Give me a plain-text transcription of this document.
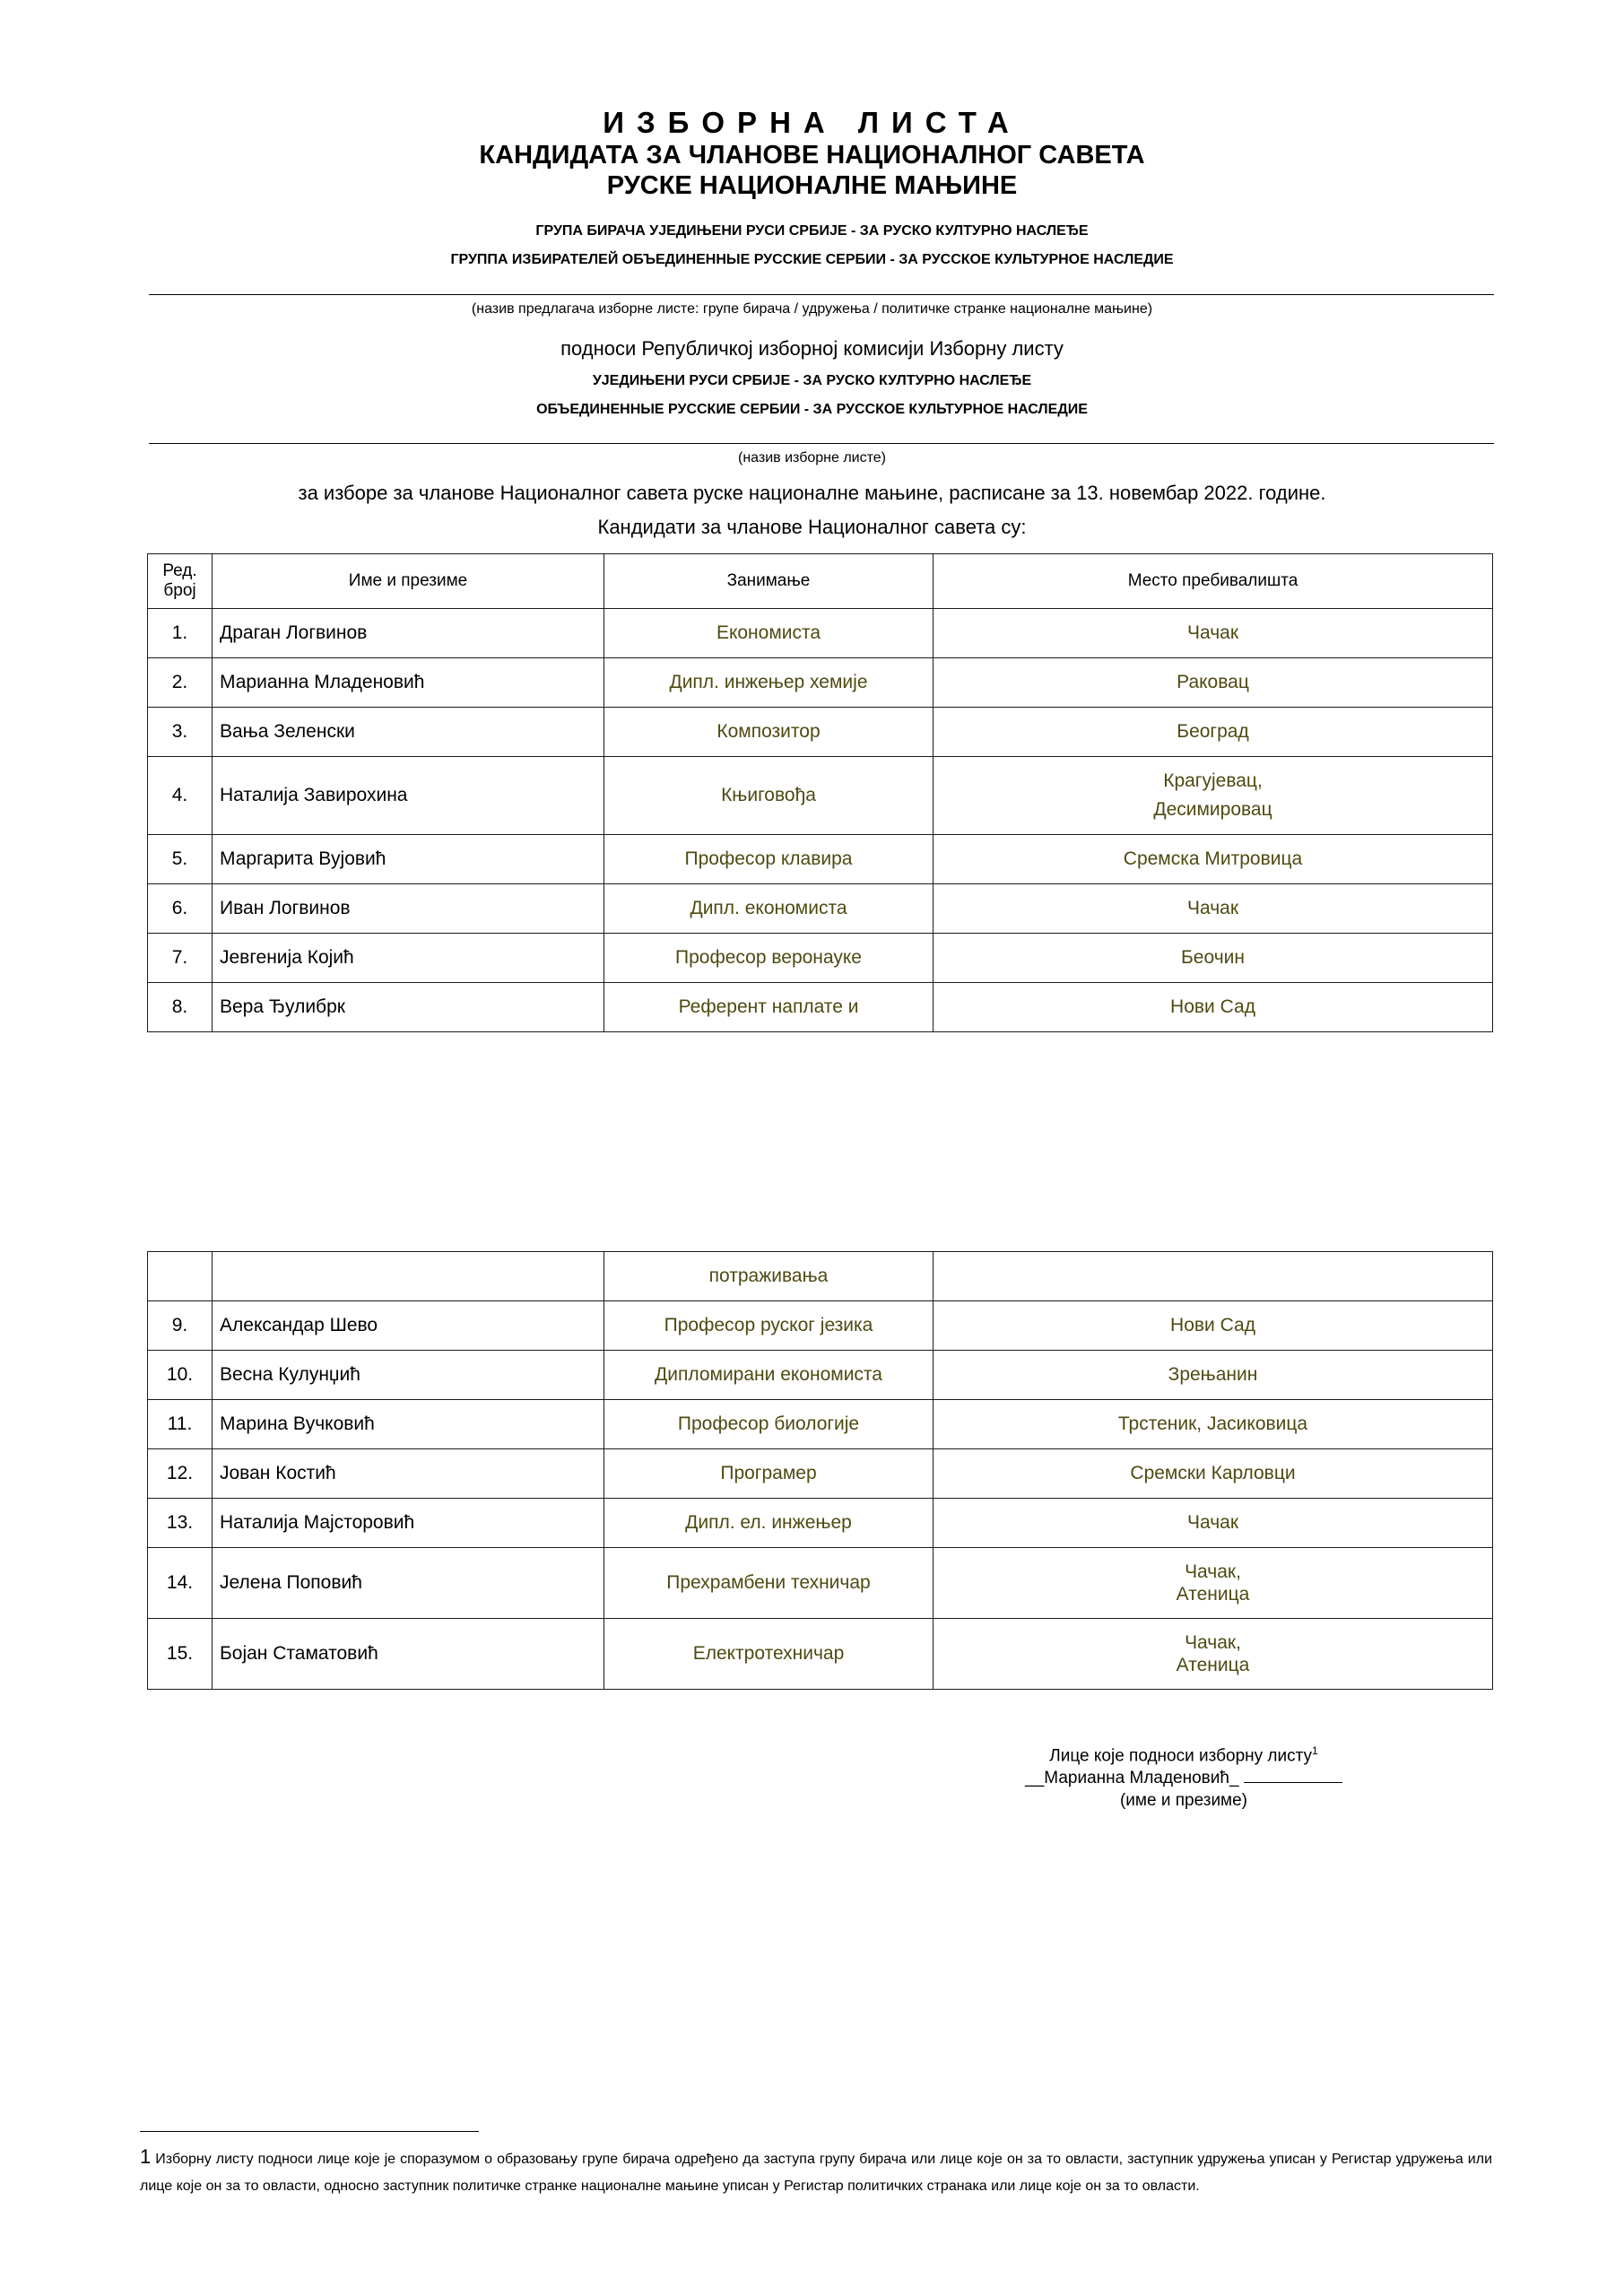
ИЗБОРНА ЛИСТА
КАНДИДАТА ЗА ЧЛАНОВЕ НАЦИОНАЛНОГ САВЕТА
РУСКЕ НАЦИОНАЛНЕ МАЊИНЕ
ГРУПА БИРАЧА УЈЕДИЊЕНИ РУСИ СРБИЈЕ - ЗА РУСКО КУЛТУРНО НАСЛЕЂЕ
ГРУППА ИЗБИРАТЕЛЕЙ ОБЪЕДИНЕННЫЕ РУССКИЕ СЕРБИИ - ЗА РУССКОЕ КУЛЬТУРНОЕ НАСЛЕДИЕ
(назив предлагача изборне листе: групе бирача / удружења / политичке странке националне мањине)
подноси Републичкој изборној комисији Изборну листу
УЈЕДИЊЕНИ РУСИ СРБИЈЕ - ЗА РУСКО КУЛТУРНО НАСЛЕЂЕ
ОБЪЕДИНЕННЫЕ РУССКИЕ СЕРБИИ - ЗА РУССКОЕ КУЛЬТУРНОЕ НАСЛЕДИЕ
(назив изборне листе)
за изборе за чланове Националног савета руске националне мањине, расписане за 13. новембар 2022. године.
Кандидати за чланове Националног савета су:
Ред.
број	Име и презиме	Занимање	Место пребивалишта
1.	Драган Логвинов	Економиста	Чачак
2.	Марианна Младеновић	Дипл. инжењер хемије	Раковац
3.	Вања Зеленски	Композитор	Београд
4.	Наталија Завирохина	Књиговођа	Крагујевац,
Десимировац
5.	Маргарита Вујовић	Професор клавира	Сремска Митровица
6.	Иван Логвинов	Дипл. економиста	Чачак
7.	Јевгенија Којић	Професор веронауке	Беочин
8.	Вера Ђулибрк	Референт наплате и	Нови Сад
		потраживања	
9.	Александар Шево	Професор руског језика	Нови Сад
10.	Весна Кулунџић	Дипломирани економиста	Зрењанин
11.	Марина Вучковић	Професор биологије	Трстеник, Јасиковица
12.	Јован Костић	Програмер	Сремски Карловци
13.	Наталија Мајсторовић	Дипл. ел. инжењер	Чачак
14.	Јелена Поповић	Прехрамбени техничар	Чачак,
Атеница
15.	Бојан Стаматовић	Електротехничар	Чачак,
Атеница
Лице које подноси изборну листу$^1$
__Марианна Младеновић_
(име и презиме)
1 Изборну листу подноси лице које је споразумом о образовању групе бирача одређено да заступа групу бирача или лице које он за то овласти, заступник удружења уписан у Регистар удружења или лице које он за то овласти, односно заступник политичке странке националне мањине уписан у Регистар политичких странака или лице које он за то овласти.
